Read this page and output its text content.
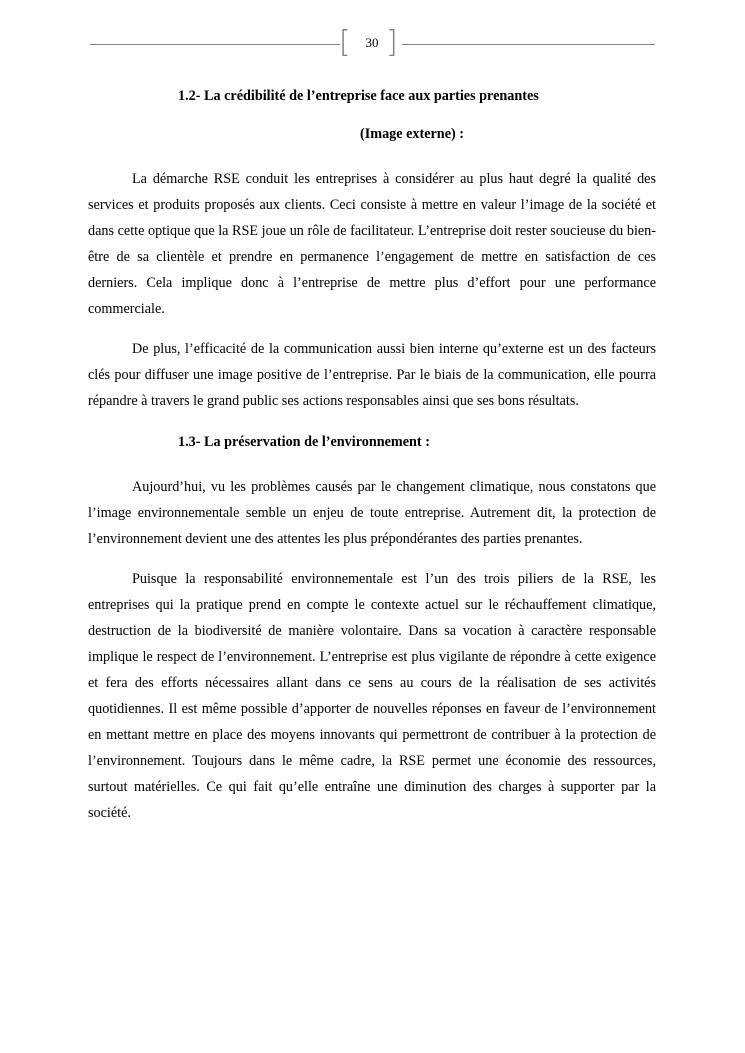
[	30 ]
1.2- La crédibilité de l’entreprise face aux parties prenantes
(Image externe) :

La démarche RSE conduit les entreprises à considérer au plus haut degré la qualité des services et produits proposés aux clients. Ceci consiste à mettre en valeur l’image de la société et dans cette optique que la RSE joue un rôle de facilitateur. L’entreprise doit rester soucieuse du bien-être de sa clientèle et prendre en permanence l’engagement de mettre en satisfaction de ces derniers. Cela implique donc à l’entreprise de mettre plus d’effort pour une performance commerciale.

De plus, l’efficacité de la communication aussi bien interne qu’externe est un des facteurs clés pour diffuser une image positive de l’entreprise. Par le biais de la communication, elle pourra répandre à travers le grand public ses actions responsables ainsi que ses bons résultats.

1.3- La préservation de l’environnement :

Aujourd’hui, vu les problèmes causés par le changement climatique, nous constatons que l’image environnementale semble un enjeu de toute entreprise. Autrement dit, la protection de l’environnement devient une des attentes les plus prépondérantes des parties prenantes.

Puisque la responsabilité environnementale est l’un des trois piliers de la RSE, les entreprises qui la pratique prend en compte le contexte actuel sur le réchauffement climatique, destruction de la biodiversité de manière volontaire. Dans sa vocation à caractère responsable implique le respect de l’environnement. L’entreprise est plus vigilante de répondre à cette exigence et fera des efforts nécessaires allant dans ce sens au cours de la réalisation de ses activités quotidiennes. Il est même possible d’apporter de nouvelles réponses en faveur de l’environnement en mettant mettre en place des moyens innovants qui permettront de contribuer à la protection de l’environnement. Toujours dans le même cadre, la RSE permet une économie des ressources, surtout matérielles. Ce qui fait qu’elle entraîne une diminution des charges à supporter par la société.
